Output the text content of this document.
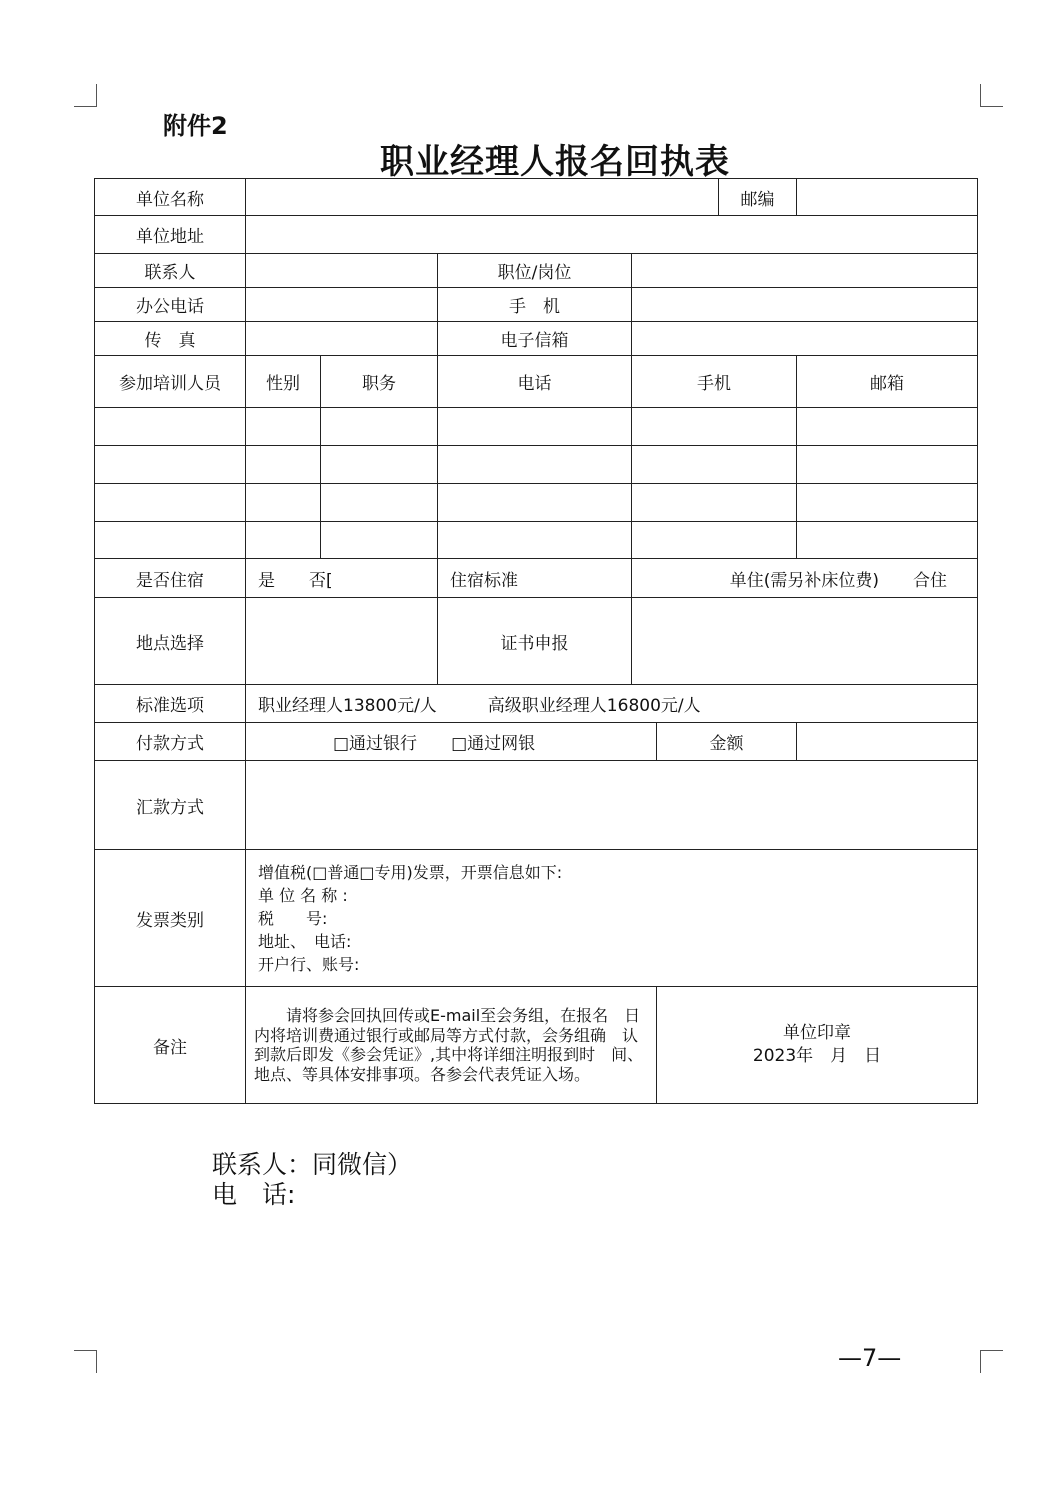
附件2
职业经理人报名回执表
单位名称						邮编	
单位地址							
联系人			职位/岗位				
办公电话			手　机				
传　真			电子信箱				
参加培训人员	性别	职务	电话	手机			邮箱

是否住宿	是　　否[		住宿标准	单住(需另补床位费)　　合住			
地点选择			证书申报				
标准选项	职业经理人13800元/人　　　高级职业经理人16800元/人						
付款方式	□通过银行 □通过网银				金额		
汇款方式							
发票类别	增值税(□普通□专用)发票，开票信息如下:
单 位 名 称 :
税　　号:
地址、　电话:
开户行、账号:						

备注	请将参会回执回传或E-mail至会务组，在报名　日内将培训费通过银行或邮局等方式付款，会务组确　认到款后即发《参会凭证》,其中将详细注明报到时　间、地点、等具体安排事项。各参会代表凭证入场。				单位印章
2023年　月　日		
联系人：同微信）
电　话:
—7—
